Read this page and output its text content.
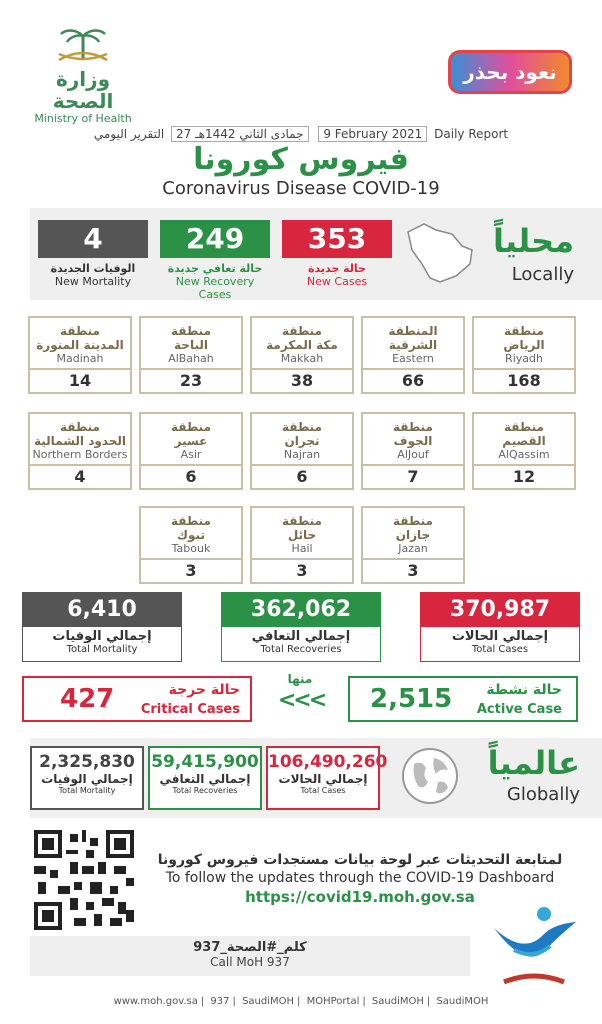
وزارة الصحة
Ministry of Health
نعود بحذر
التقرير اليومي 27 جمادى الثاني 1442هـ 9 February 2021 Daily Report
فيروس كورونا
Coronavirus Disease COVID-19
4
الوفيات الجديدة
New Mortality
249
حالة تعافي جديدة
New Recovery Cases
353
حالة جديدة
New Cases
محلياً
Locally
منطقة
الرياض
Riyadh
168
المنطقة
الشرقية
Eastern
66
منطقة
مكة المكرمة
Makkah
38
منطقة
الباحة
AlBahah
23
منطقة
المدينة المنورة
Madinah
14
منطقة
القصيم
AlQassim
12
منطقة
الجوف
AlJouf
7
منطقة
نجران
Najran
6
منطقة
عسير
Asir
6
منطقة
الحدود الشمالية
Northern Borders
4
منطقة
جازان
Jazan
3
منطقة
حائل
Hail
3
منطقة
تبوك
Tabouk
3
6,410
إجمالي الوفيات
Total Mortality
362,062
إجمالي التعافي
Total Recoveries
370,987
إجمالي الحالات
Total Cases
427	حالة حرجة
Critical Cases
منها
<<< 2,515 حالة نشطة
Active Case
2,325,830
إجمالي الوفيات
Total Mortality
59,415,900
إجمالي التعافي
Total Recoveries
106,490,260
إجمالي الحالات
Total Cases
عالمياً
Globally
لمتابعة التحديثات عبر لوحة بيانات مستجدات فيروس كورونا
To follow the updates through the COVID-19 Dashboard
https://covid19.moh.gov.sa
كلم_#الصحة_937
Call MoH 937
www.moh.gov.sa | 937 | SaudiMOH | MOHPortal | SaudiMOH | SaudiMOH
